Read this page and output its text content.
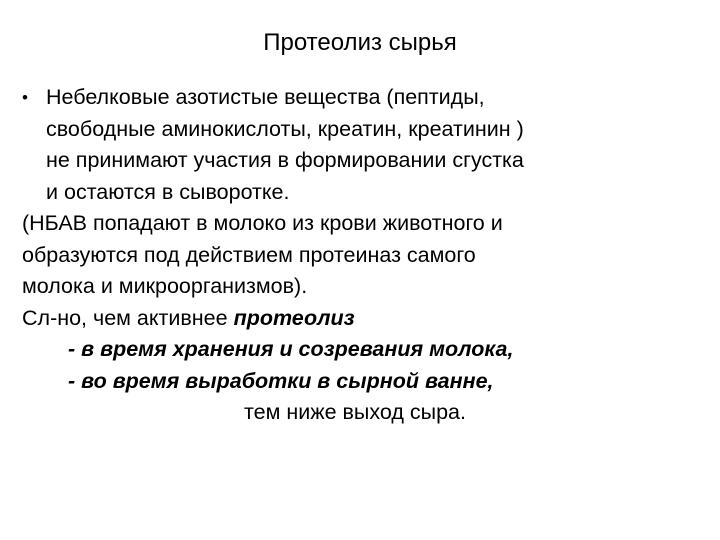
Протеолиз сырья
• Небелковые азотистые вещества (пептиды,
свободные аминокислоты, креатин, креатинин )
не принимают участия в формировании сгустка
и остаются в сыворотке.
(НБАВ попадают в молоко из крови животного и
образуются под действием протеиназ самого
молока и микроорганизмов).
Сл-но, чем активнее протеолиз
- в время хранения и созревания молока,
- во время выработки в сырной ванне,
тем ниже выход сыра.
